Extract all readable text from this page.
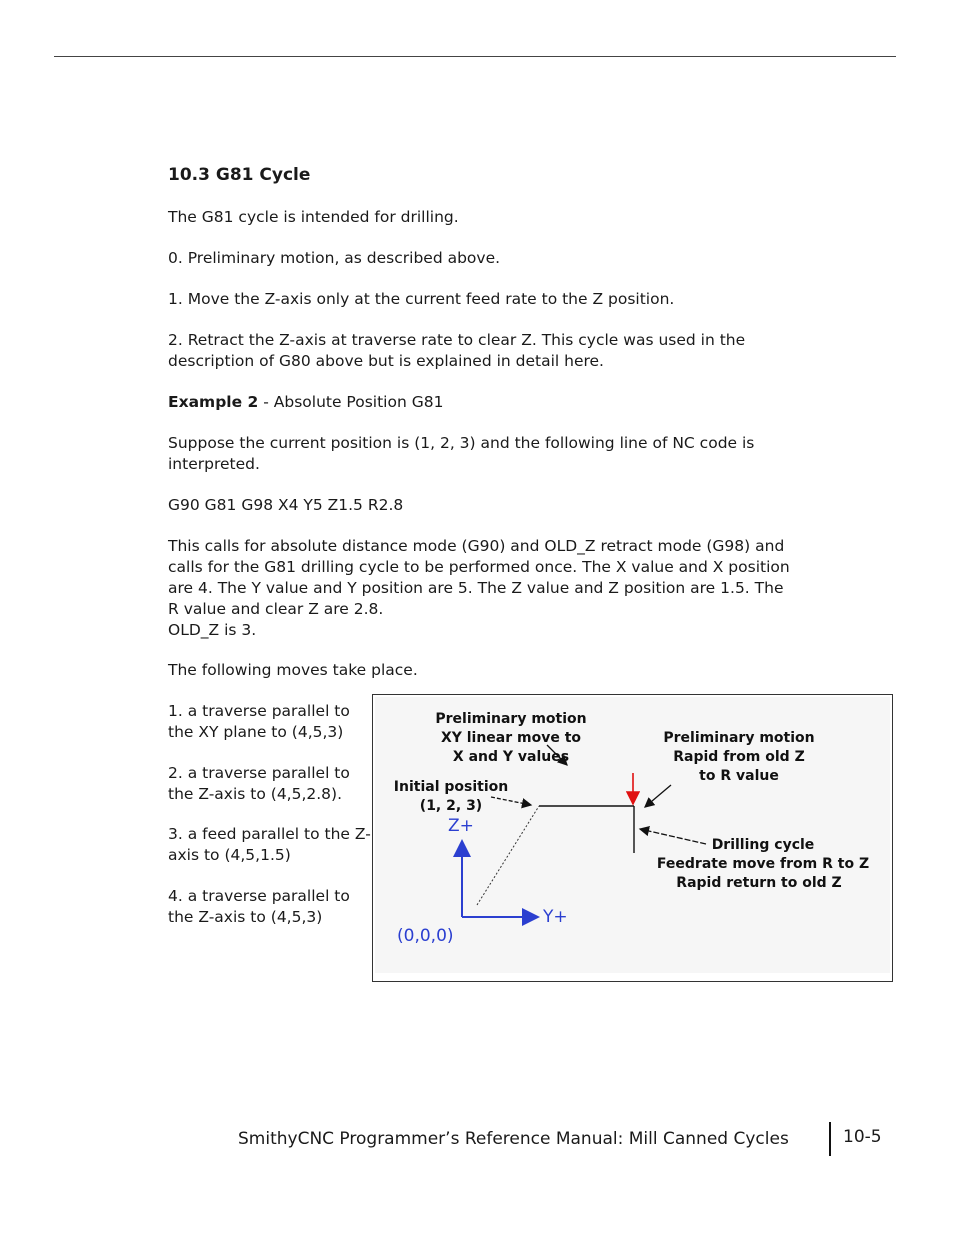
10.3 G81 Cycle

The G81 cycle is intended for drilling.

0. Preliminary motion, as described above.

1. Move the Z-axis only at the current feed rate to the Z position.

2. Retract the Z-axis at traverse rate to clear Z. This cycle was used in the
description of G80 above but is explained in detail here.

Example 2 - Absolute Position G81

Suppose the current position is (1, 2, 3) and the following line of NC code is
interpreted.

G90 G81 G98 X4 Y5 Z1.5 R2.8

This calls for absolute distance mode (G90) and OLD_Z retract mode (G98) and
calls for the G81 drilling cycle to be performed once. The X value and X position
are 4. The Y value and Y position are 5. The Z value and Z position are 1.5. The
R value and clear Z are 2.8.
OLD_Z is 3.

The following moves take place.

1. a traverse parallel to
the XY plane to (4,5,3)

2. a traverse parallel to
the Z-axis to (4,5,2.8).

3. a feed parallel to the Z-
axis to (4,5,1.5)

4. a traverse parallel to
the Z-axis to (4,5,3)

Preliminary motion
XY linear move to
X and Y values
Preliminary motion
Rapid from old Z
to R value
Initial position
(1, 2, 3)
Drilling cycle
Feedrate move from R to Z
Rapid return to old Z
Z+
Y+
(0,0,0)
SmithyCNC Programmer’s Reference Manual: Mill Canned Cycles	10-5
